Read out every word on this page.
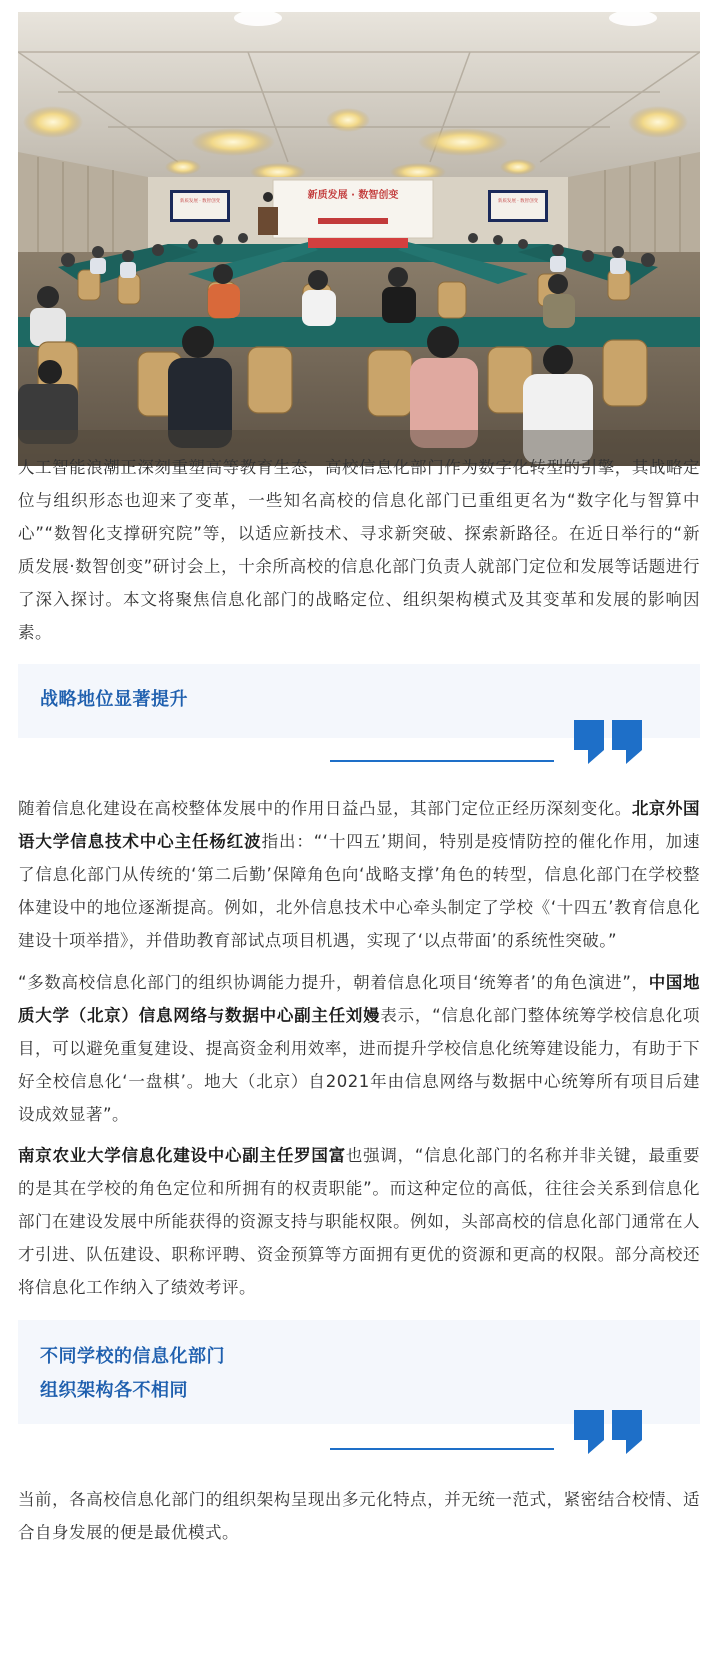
新质发展 · 数智创变
新质发展 · 数智创变	新质发展 · 数智创变

人工智能浪潮正深刻重塑高等教育生态，高校信息化部门作为数字化转型的引擎，其战略定位与组织形态也迎来了变革，一些知名高校的信息化部门已重组更名为“数字化与智算中心”“数智化支撑研究院”等，以适应新技术、寻求新突破、探索新路径。在近日举行的“新质发展·数智创变”研讨会上，十余所高校的信息化部门负责人就部门定位和发展等话题进行了深入探讨。本文将聚焦信息化部门的战略定位、组织架构模式及其变革和发展的影响因素。

战略地位显著提升

随着信息化建设在高校整体发展中的作用日益凸显，其部门定位正经历深刻变化。北京外国语大学信息技术中心主任杨红波指出：“‘十四五’期间，特别是疫情防控的催化作用，加速了信息化部门从传统的‘第二后勤’保障角色向‘战略支撑’角色的转型，信息化部门在学校整体建设中的地位逐渐提高。例如，北外信息技术中心牵头制定了学校《‘十四五’教育信息化建设十项举措》，并借助教育部试点项目机遇，实现了‘以点带面’的系统性突破。”

“多数高校信息化部门的组织协调能力提升，朝着信息化项目‘统筹者’的角色演进”，中国地质大学（北京）信息网络与数据中心副主任刘嫚表示，“信息化部门整体统筹学校信息化项目，可以避免重复建设、提高资金利用效率，进而提升学校信息化统筹建设能力，有助于下好全校信息化‘一盘棋’。地大（北京）自2021年由信息网络与数据中心统筹所有项目后建设成效显著”。

南京农业大学信息化建设中心副主任罗国富也强调，“信息化部门的名称并非关键，最重要的是其在学校的角色定位和所拥有的权责职能”。而这种定位的高低，往往会关系到信息化部门在建设发展中所能获得的资源支持与职能权限。例如，头部高校的信息化部门通常在人才引进、队伍建设、职称评聘、资金预算等方面拥有更优的资源和更高的权限。部分高校还将信息化工作纳入了绩效考评。

不同学校的信息化部门
组织架构各不相同

当前，各高校信息化部门的组织架构呈现出多元化特点，并无统一范式，紧密结合校情、适合自身发展的便是最优模式。
